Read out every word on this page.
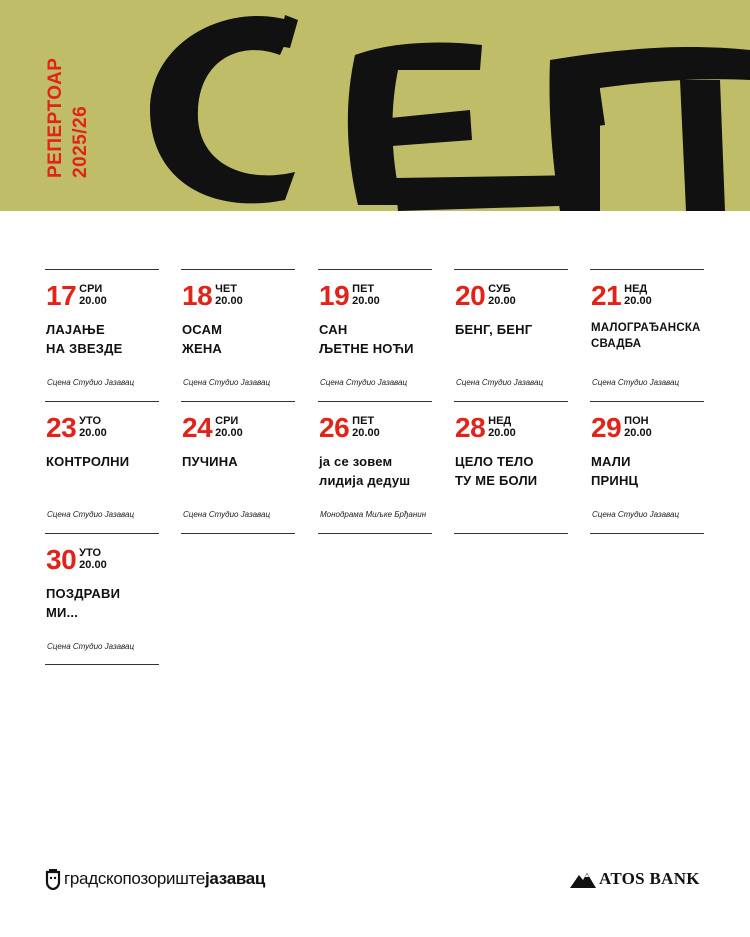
РЕПЕРТОАР 2025/26
17 СРИ
20.00
ЛАЈАЊЕ
НА ЗВЕЗДЕ
Сцена Студио Јазавац
18 ЧЕТ
20.00
ОСАМ
ЖЕНА
Сцена Студио Јазавац
19 ПЕТ
20.00
САН
ЉЕТНЕ НОЋИ
Сцена Студио Јазавац
20 СУБ
20.00
БЕНГ, БЕНГ
Сцена Студио Јазавац
21 НЕД
20.00
МАЛОГРАЂАНСКА
СВАДБА
Сцена Студио Јазавац
23 УТО
20.00
КОНТРОЛНИ
Сцена Студио Јазавац
24 СРИ
20.00
ПУЧИНА
Сцена Студио Јазавац
26 ПЕТ
20.00
ја се зовем
лидија дедуш
Монодрама Миљке Брђанин
28 НЕД
20.00
ЦЕЛО ТЕЛО
ТУ МЕ БОЛИ
29 ПОН
20.00
МАЛИ
ПРИНЦ
Сцена Студио Јазавац
30 УТО
20.00
ПОЗДРАВИ
МИ...
Сцена Студио Јазавац
градскопозориштејазавац	ATOS BANK
